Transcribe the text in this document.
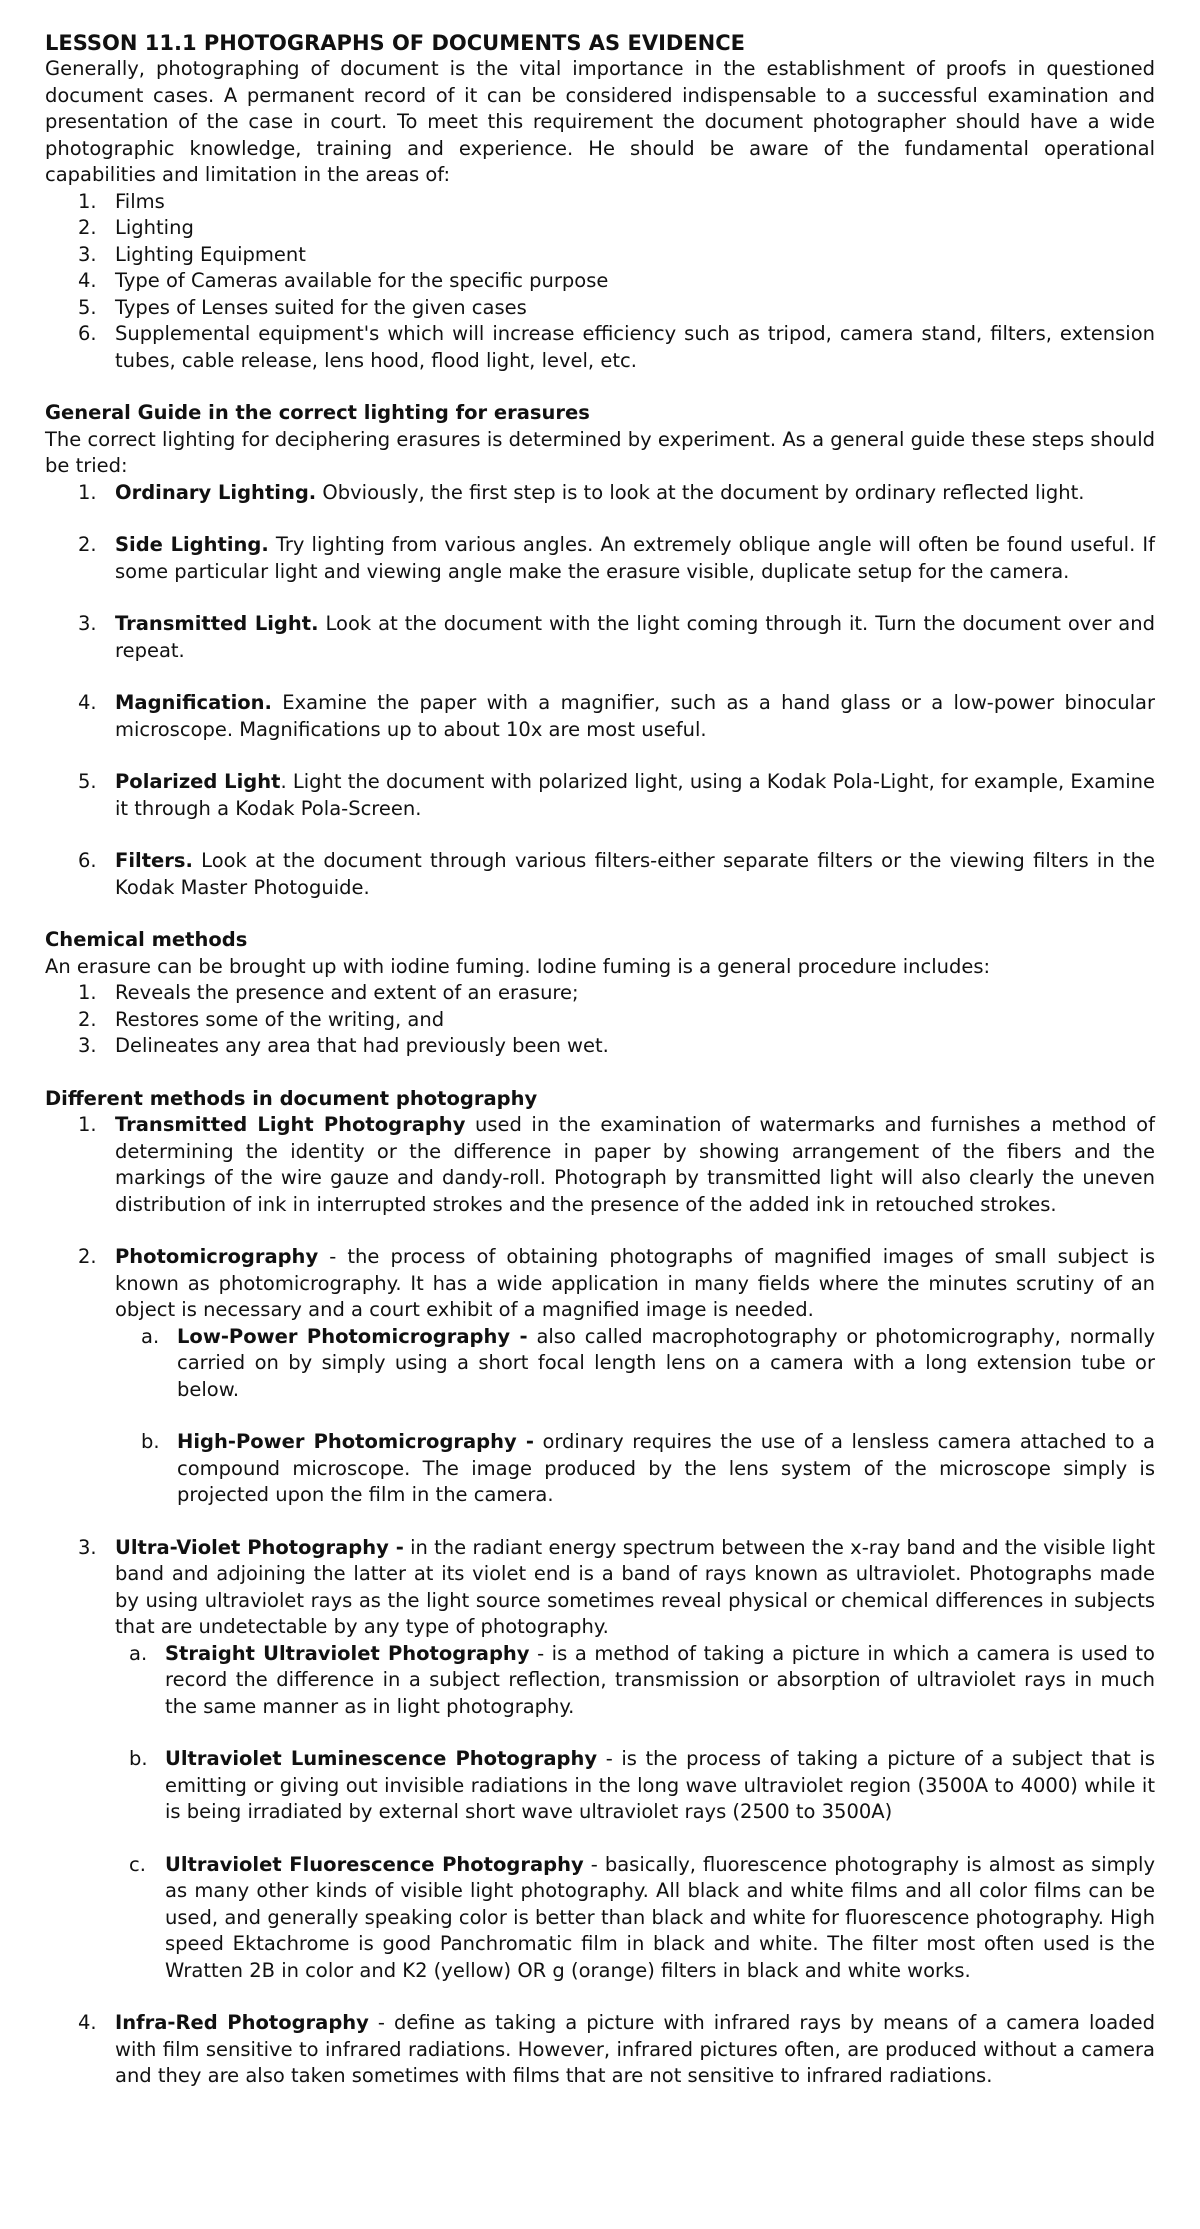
LESSON 11.1 PHOTOGRAPHS OF DOCUMENTS AS EVIDENCE

Generally, photographing of document is the vital importance in the establishment of proofs in questioned document cases. A permanent record of it can be considered indispensable to a successful examination and presentation of the case in court. To meet this requirement the document photographer should have a wide photographic knowledge, training and experience. He should be aware of the fundamental operational capabilities and limitation in the areas of:

1. Films
2. Lighting
3. Lighting Equipment
4. Type of Cameras available for the specific purpose
5. Types of Lenses suited for the given cases
6. Supplemental equipment's which will increase efficiency such as tripod, camera stand, filters, extension tubes, cable release, lens hood, flood light, level, etc.
General Guide in the correct lighting for erasures

The correct lighting for deciphering erasures is determined by experiment. As a general guide these steps should be tried:

1. Ordinary Lighting. Obviously, the first step is to look at the document by ordinary reflected light.
2. Side Lighting. Try lighting from various angles. An extremely oblique angle will often be found useful. If some particular light and viewing angle make the erasure visible, duplicate setup for the camera.
3. Transmitted Light. Look at the document with the light coming through it. Turn the document over and repeat.
4. Magnification. Examine the paper with a magnifier, such as a hand glass or a low-power binocular microscope. Magnifications up to about 10x are most useful.
5. Polarized Light. Light the document with polarized light, using a Kodak Pola-Light, for example, Examine it through a Kodak Pola-Screen.
6. Filters. Look at the document through various filters-either separate filters or the viewing filters in the Kodak Master Photoguide.
Chemical methods

An erasure can be brought up with iodine fuming. Iodine fuming is a general procedure includes:

1. Reveals the presence and extent of an erasure;
2. Restores some of the writing, and
3. Delineates any area that had previously been wet.
Different methods in document photography
1. Transmitted Light Photography used in the examination of watermarks and furnishes a method of determining the identity or the difference in paper by showing arrangement of the fibers and the markings of the wire gauze and dandy-roll. Photograph by transmitted light will also clearly the uneven distribution of ink in interrupted strokes and the presence of the added ink in retouched strokes.
2. Photomicrography - the process of obtaining photographs of magnified images of small subject is known as photomicrography. It has a wide application in many fields where the minutes scrutiny of an object is necessary and a court exhibit of a magnified image is needed.
a. Low-Power Photomicrography - also called macrophotography or photomicrography, normally carried on by simply using a short focal length lens on a camera with a long extension tube or below.
b. High-Power Photomicrography - ordinary requires the use of a lensless camera attached to a compound microscope. The image produced by the lens system of the microscope simply is projected upon the film in the camera.
3. Ultra-Violet Photography - in the radiant energy spectrum between the x-ray band and the visible light band and adjoining the latter at its violet end is a band of rays known as ultraviolet. Photographs made by using ultraviolet rays as the light source sometimes reveal physical or chemical differences in subjects that are undetectable by any type of photography.
a. Straight Ultraviolet Photography - is a method of taking a picture in which a camera is used to record the difference in a subject reflection, transmission or absorption of ultraviolet rays in much the same manner as in light photography.
b. Ultraviolet Luminescence Photography - is the process of taking a picture of a subject that is emitting or giving out invisible radiations in the long wave ultraviolet region (3500A to 4000) while it is being irradiated by external short wave ultraviolet rays (2500 to 3500A)
c. Ultraviolet Fluorescence Photography - basically, fluorescence photography is almost as simply as many other kinds of visible light photography. All black and white films and all color films can be used, and generally speaking color is better than black and white for fluorescence photography. High speed Ektachrome is good Panchromatic film in black and white. The filter most often used is the Wratten 2B in color and K2 (yellow) OR g (orange) filters in black and white works.
4. Infra-Red Photography - define as taking a picture with infrared rays by means of a camera loaded with film sensitive to infrared radiations. However, infrared pictures often, are produced without a camera and they are also taken sometimes with films that are not sensitive to infrared radiations.
